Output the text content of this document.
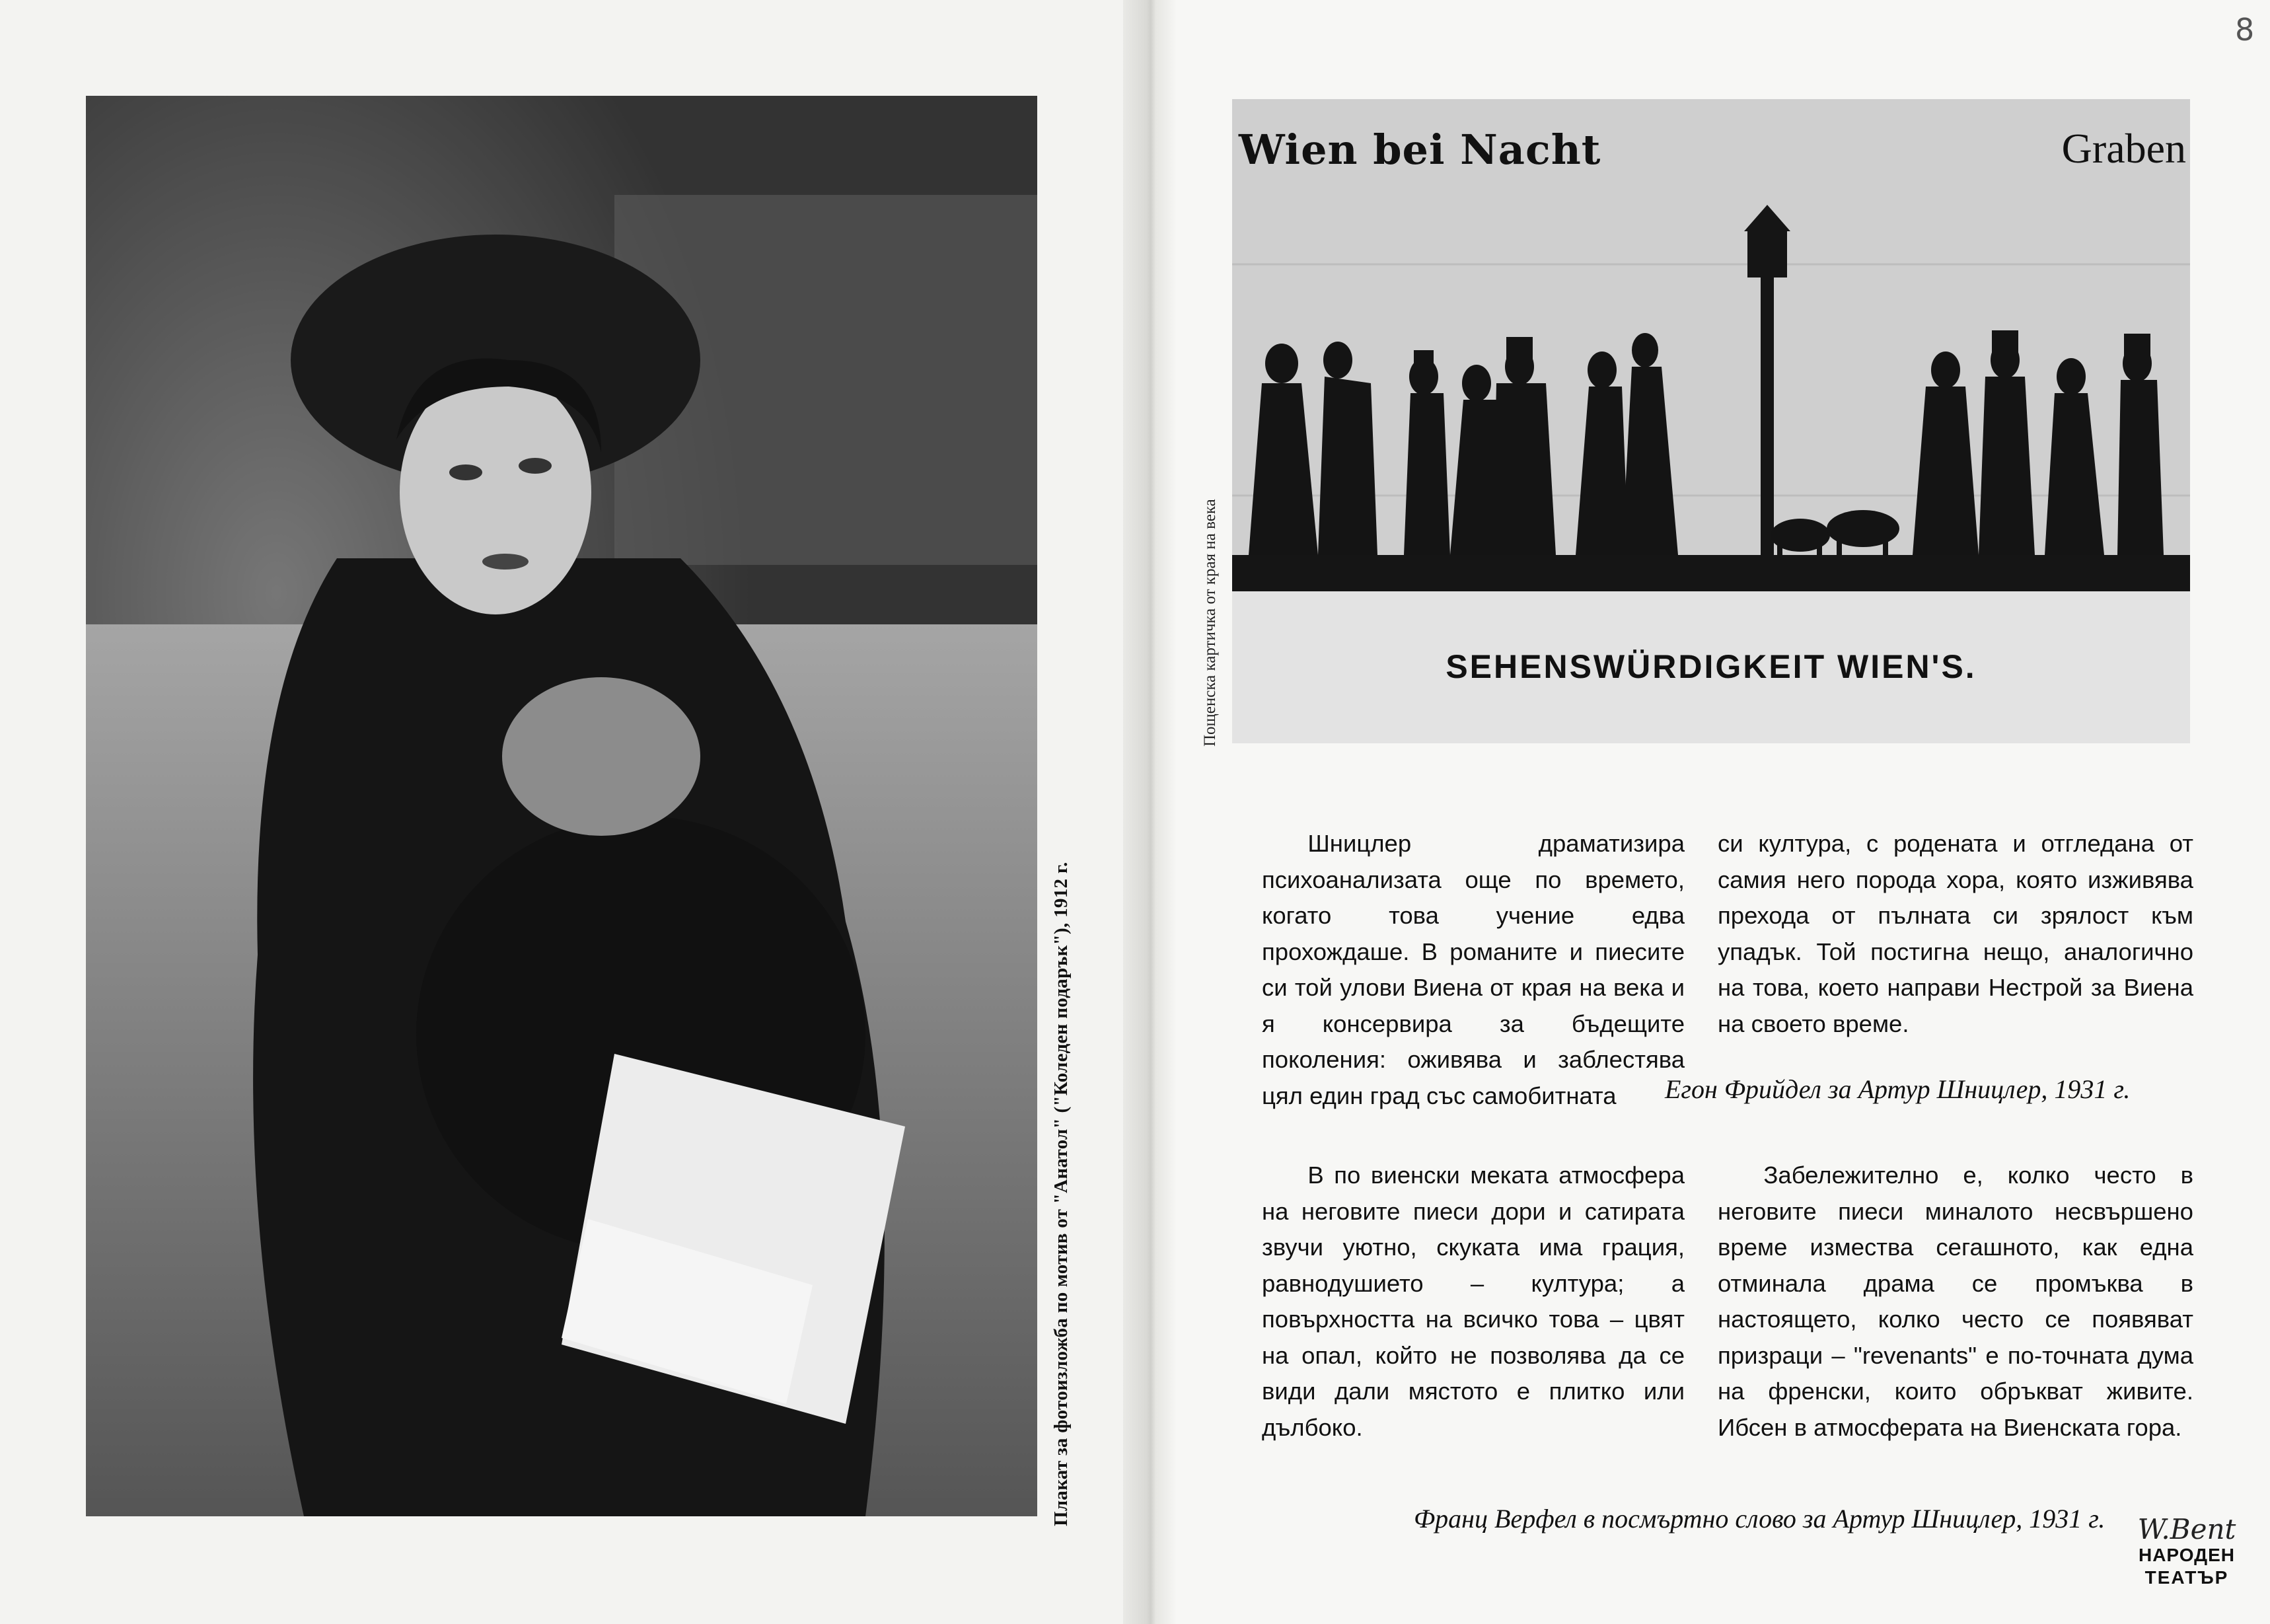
Плакат за фотоизложба по мотив от "Анатол" ("Коледен подарък"), 1912 г.
Wien bei Nacht	Graben
SEHENSWÜRDIGKEIT WIEN'S.
Пощенска картичка от края на века

Шницлер драматизира психоанализата още по времето, когато това учение едва прохождаше. В романите и пиесите си той улови Виена от края на века и я консервира за бъдещите поколения: оживява и заблестява цял един град със самобитната

си култура, с родената и отгледана от самия него порода хора, която изживява прехода от пълната си зрялост към упадък. Той постигна нещо, аналогично на това, което направи Нестрой за Виена на своето време.

Егон Фрийдел за Артур Шницлер, 1931 г.

В по виенски меката атмосфера на неговите пиеси дори и сатирата звучи уютно, скуката има грация, равнодушието – култура; а повърхността на всичко това – цвят на опал, който не позволява да се види дали мястото е плитко или дълбоко.

Забележително е, колко често в неговите пиеси миналото несвършено време измества сегашното, как една отминала драма се промъква в настоящето, колко често се появяват призраци – "revenants" е по-точната дума на френски, които обръкват живите. Ибсен в атмосферата на Виенската гора.

Франц Верфел в посмъртно слово за Артур Шницлер, 1931 г.
8
W.Bent
НАРОДЕН
ТЕАТЪР
